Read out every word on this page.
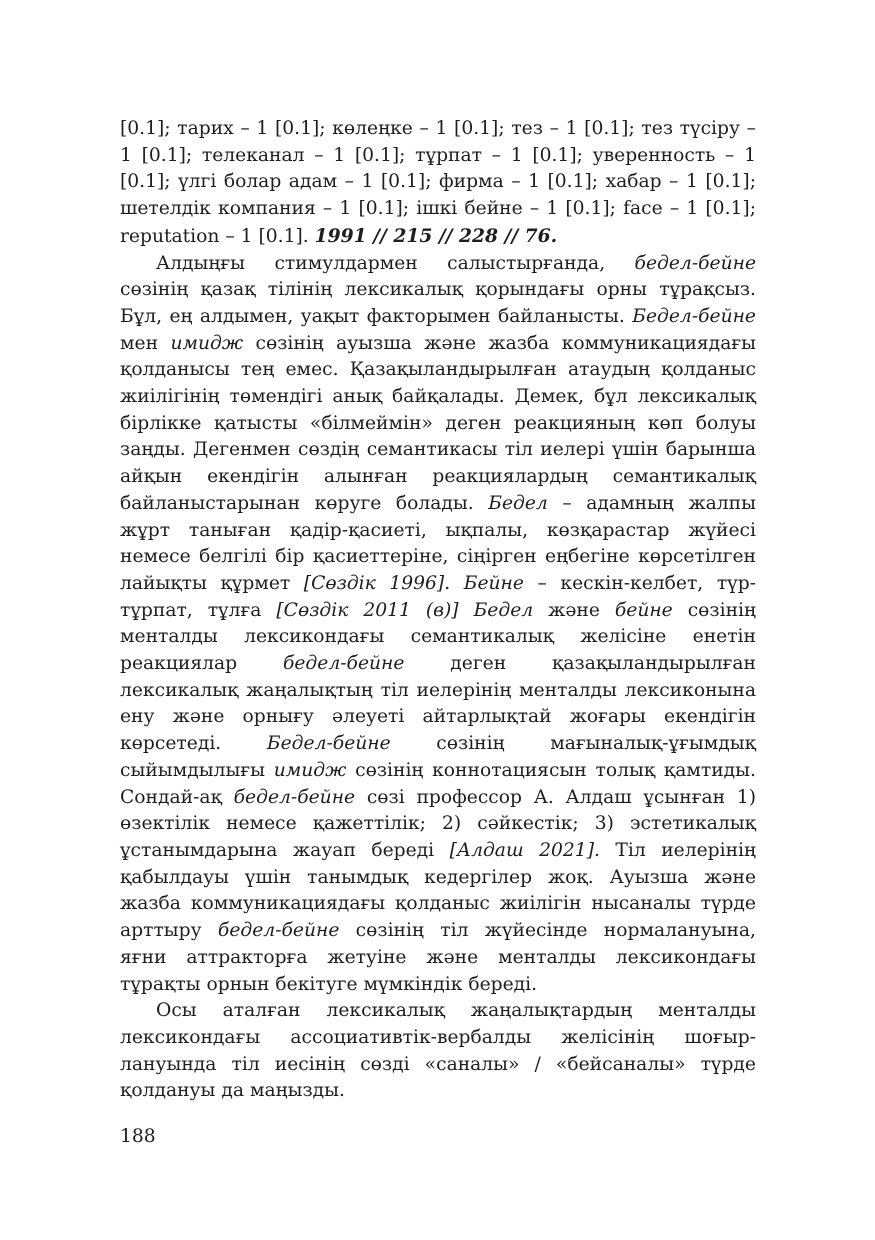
[0.1]; тарих – 1 [0.1]; көлеңке – 1 [0.1]; тез – 1 [0.1]; тез түсіру – 1 [0.1]; телеканал – 1 [0.1]; тұрпат – 1 [0.1]; уверенность – 1 [0.1]; үлгі болар адам – 1 [0.1]; фирма – 1 [0.1]; хабар – 1 [0.1]; шетелдік компания – 1 [0.1]; ішкі бейне – 1 [0.1]; face – 1 [0.1]; reputation – 1 [0.1]. 1991 // 215 // 228 // 76.

Алдыңғы стимулдармен салыстырғанда, бедел-бейне сөзінің қазақ тілінің лексикалық қорындағы орны тұрақсыз. Бұл, ең алдымен, уақыт факторымен байланысты. Бедел-бейне мен имидж сөзінің ауызша және жазба коммуникациядағы қолданысы тең емес. Қазақыландырылған атаудың қолданыс жиілігінің төмендігі анық байқалады. Демек, бұл лексикалық бірлікке қатысты «білмеймін» деген реакцияның көп болуы заңды. Дегенмен сөздің семантикасы тіл иелері үшін барынша айқын екендігін алынған реакциялардың семантикалық байланыстарынан көруге болады. Бедел – адамның жалпы жұрт таныған қадір-қасиеті, ықпалы, көзқарастар жүйесі немесе белгілі бір қасиеттеріне, сіңірген еңбегіне көрсетілген лайықты құрмет [Сөздік 1996]. Бейне – кескін-келбет, түр-тұрпат, тұлға [Сөздік 2011 (в)] Бедел және бейне сөзінің менталды лексикондағы семантикалық желісіне енетін реакциялар бедел-бейне деген қазақыландырылған лексикалық жаңалықтың тіл иелерінің менталды лексиконына ену және орнығу әлеуеті айтарлықтай жоғары екендігін көрсетеді. Бедел-бейне сөзінің мағыналық-ұғымдық сыйымдылығы имидж сөзінің коннотациясын толық қамтиды. Сондай-ақ бедел-бейне сөзі профессор А. Алдаш ұсынған 1) өзектілік немесе қажеттілік; 2) сәйкестік; 3) эстетикалық ұстанымдарына жауап береді [Алдаш 2021]. Тіл иелерінің қабылдауы үшін танымдық кедергілер жоқ. Ауызша және жазба коммуникациядағы қолданыс жиілігін нысаналы түрде арттыру бедел-бейне сөзінің тіл жүйесінде нормалануына, яғни аттракторға жетуіне және менталды лексикондағы тұрақты орнын бекітуге мүмкіндік береді.

Осы аталған лексикалық жаңалықтардың менталды лексикондағы ассоциативтік-вербалды желісінің шоғырлануында тіл иесінің сөзді «саналы» / «бейсаналы» түрде қолдануы да маңызды.

188
